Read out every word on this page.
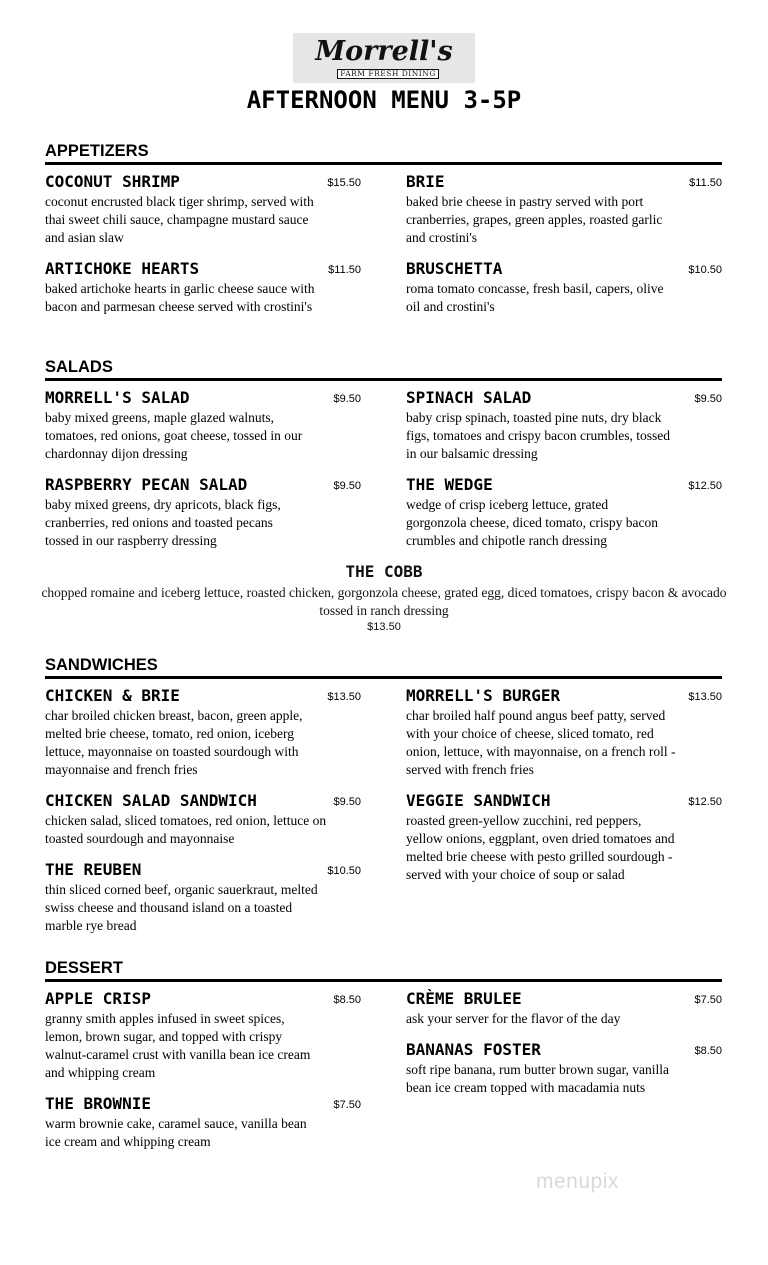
Morrell's
FARM FRESH DINING
AFTERNOON MENU 3-5P
APPETIZERS
COCONUT SHRIMP	$15.50
coconut encrusted black tiger shrimp, served with thai sweet chili sauce, champagne mustard sauce and asian slaw
BRIE	$11.50
baked brie cheese in pastry served with port cranberries, grapes, green apples, roasted garlic and crostini's
ARTICHOKE HEARTS	$11.50
baked artichoke hearts in garlic cheese sauce with bacon and parmesan cheese served with crostini's
BRUSCHETTA	$10.50
roma tomato concasse, fresh basil, capers, olive oil and crostini's
SALADS
MORRELL'S SALAD	$9.50
baby mixed greens, maple glazed walnuts, tomatoes, red onions, goat cheese, tossed in our chardonnay dijon dressing
SPINACH SALAD	$9.50
baby crisp spinach, toasted pine nuts, dry black figs, tomatoes and crispy bacon crumbles, tossed in our balsamic dressing
RASPBERRY PECAN SALAD	$9.50
baby mixed greens, dry apricots, black figs, cranberries, red onions and toasted pecans tossed in our raspberry dressing
THE WEDGE	$12.50
wedge of crisp iceberg lettuce, grated gorgonzola cheese, diced tomato, crispy bacon crumbles and chipotle ranch dressing
THE COBB
chopped romaine and iceberg lettuce, roasted chicken, gorgonzola cheese, grated egg, diced tomatoes, crispy bacon & avocado tossed in ranch dressing
$13.50
SANDWICHES
CHICKEN & BRIE	$13.50
char broiled chicken breast, bacon, green apple, melted brie cheese, tomato, red onion, iceberg lettuce, mayonnaise on toasted sourdough with mayonnaise and french fries
MORRELL'S BURGER	$13.50
char broiled half pound angus beef patty, served with your choice of cheese, sliced tomato, red onion, lettuce, with mayonnaise, on a french roll - served with french fries
CHICKEN SALAD SANDWICH	$9.50
chicken salad, sliced tomatoes, red onion, lettuce on toasted sourdough and mayonnaise
VEGGIE SANDWICH	$12.50
roasted green-yellow zucchini, red peppers, yellow onions, eggplant, oven dried tomatoes and melted brie cheese with pesto grilled sourdough - served with your choice of soup or salad
THE REUBEN	$10.50
thin sliced corned beef, organic sauerkraut, melted swiss cheese and thousand island on a toasted marble rye bread
DESSERT
APPLE CRISP	$8.50
granny smith apples infused in sweet spices, lemon, brown sugar, and topped with crispy walnut-caramel crust with vanilla bean ice cream and whipping cream
CRÈME BRULEE	$7.50
ask your server for the flavor of the day
BANANAS FOSTER	$8.50
soft ripe banana, rum butter brown sugar, vanilla bean ice cream topped with macadamia nuts
THE BROWNIE	$7.50
warm brownie cake, caramel sauce, vanilla bean ice cream and whipping cream
menupix
